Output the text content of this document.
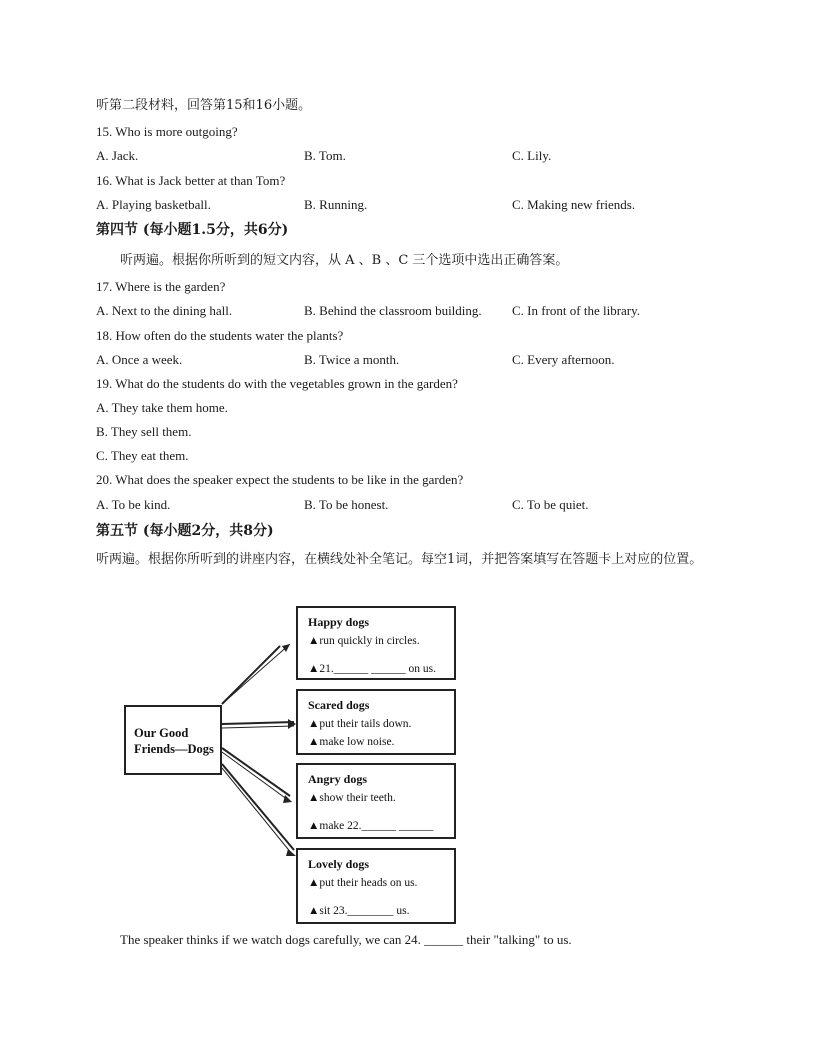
听第二段材料，回答第15和16小题。
15. Who is more outgoing?
A. Jack.	B. Tom.	C. Lily.
16. What is Jack better at than Tom?
A. Playing basketball.	B. Running.	C. Making new friends.
第四节 (每小题1.5分，共6分)
听两遍。根据你所听到的短文内容，从 A 、B 、C 三个选项中选出正确答案。
17. Where is the garden?
A. Next to the dining hall.	B. Behind the classroom building. C. In front of the library.
18. How often do the students water the plants?
A. Once a week.	B. Twice a month.	C. Every afternoon.
19. What do the students do with the vegetables grown in the garden?
A. They take them home.
B. They sell them.
C. They eat them.
20. What does the speaker expect the students to be like in the garden?
A. To be kind.	B. To be honest.	C. To be quiet.
第五节 (每小题2分，共8分)
听两遍。根据你所听到的讲座内容，在横线处补全笔记。每空1词，并把答案填写在答题卡上对应的位置。
Our Good
Friends—Dogs
Happy dogs
▲run quickly in circles.
▲21.______ ______ on us.
Scared dogs
▲put their tails down.
▲make low noise.
Angry dogs
▲show their teeth.
▲make 22.______ ______
Lovely dogs
▲put their heads on us.
▲sit 23.________ us.
The speaker thinks if we watch dogs carefully, we can 24. ______ their "talking" to us.
